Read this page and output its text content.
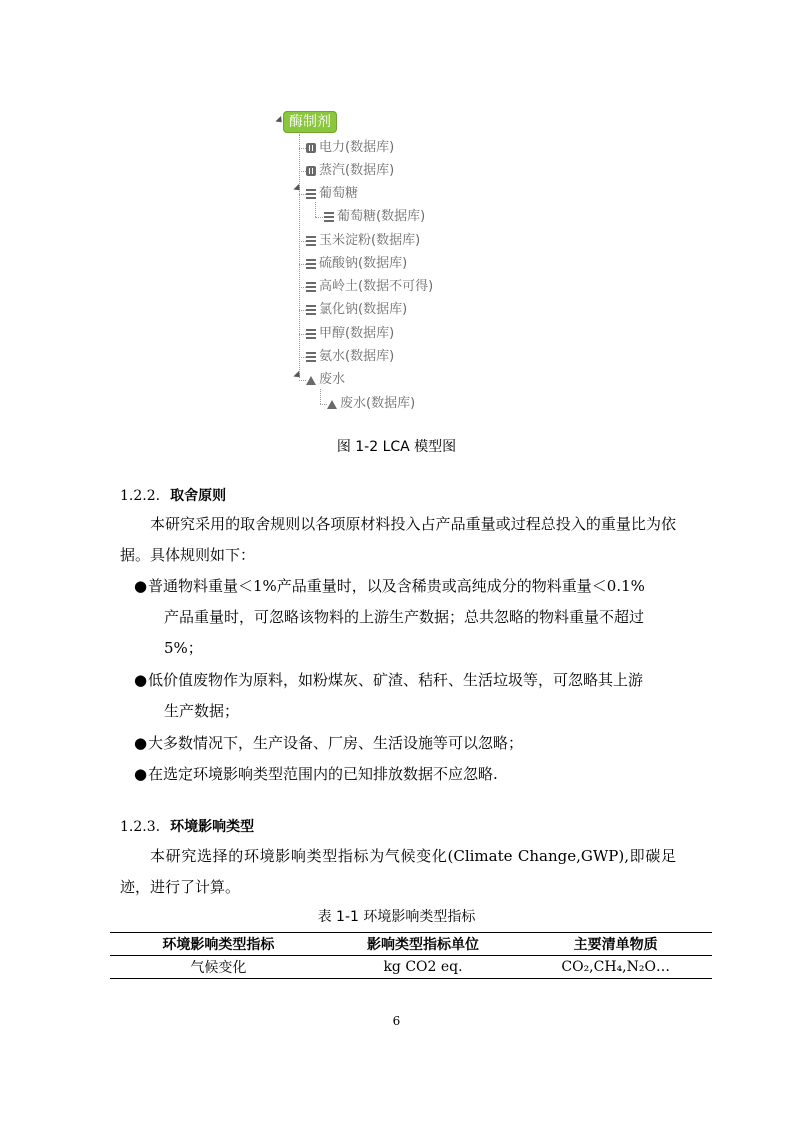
酶制剂
电力(数据库)
蒸汽(数据库)
葡萄糖
葡萄糖(数据库)
玉米淀粉(数据库)
硫酸钠(数据库)
高岭土(数据不可得)
氯化钠(数据库)
甲醇(数据库)
氨水(数据库)
废水
废水(数据库)
图 1-2 LCA 模型图
1.2.2. 取舍原则
本研究采用的取舍规则以各项原材料投入占产品重量或过程总投入的重量比为依据。具体规则如下：
● 普通物料重量＜1%产品重量时，以及含稀贵或高纯成分的物料重量＜0.1%
产品重量时，可忽略该物料的上游生产数据；总共忽略的物料重量不超过
5%；
● 低价值废物作为原料，如粉煤灰、矿渣、秸秆、生活垃圾等，可忽略其上游
生产数据；
● 大多数情况下，生产设备、厂房、生活设施等可以忽略；
● 在选定环境影响类型范围内的已知排放数据不应忽略.
1.2.3. 环境影响类型
本研究选择的环境影响类型指标为气候变化(Climate Change,GWP),即碳足迹，进行了计算。
表 1-1 环境影响类型指标
环境影响类型指标	影响类型指标单位	主要清单物质
气候变化	kg CO2 eq.	CO₂,CH₄,N₂O…
6
